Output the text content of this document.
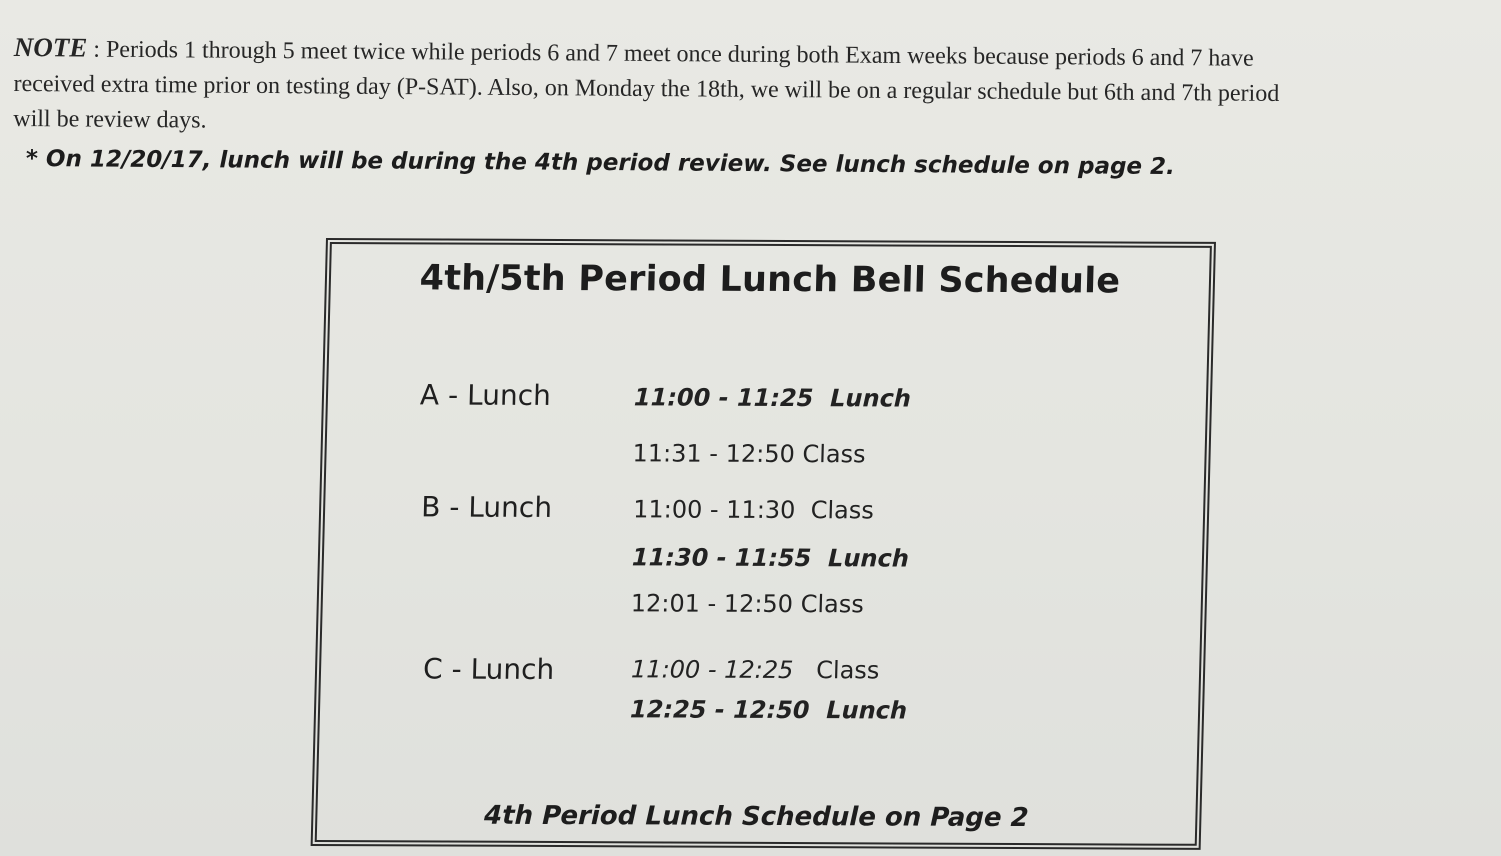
NOTE : Periods 1 through 5 meet twice while periods 6 and 7 meet once during both Exam weeks because periods 6 and 7 have
received extra time prior on testing day (P-SAT). Also, on Monday the 18th, we will be on a regular schedule but 6th and 7th period
will be review days.
* On 12/20/17, lunch will be during the 4th period review. See lunch schedule on page 2.
4th/5th Period Lunch Bell Schedule
A - Lunch	11:00 - 11:25 Lunch
11:31 - 12:50 Class
B - Lunch	11:00 - 11:30 Class
11:30 - 11:55 Lunch
12:01 - 12:50 Class
C - Lunch	11:00 - 12:25 Class
12:25 - 12:50 Lunch
4th Period Lunch Schedule on Page 2
